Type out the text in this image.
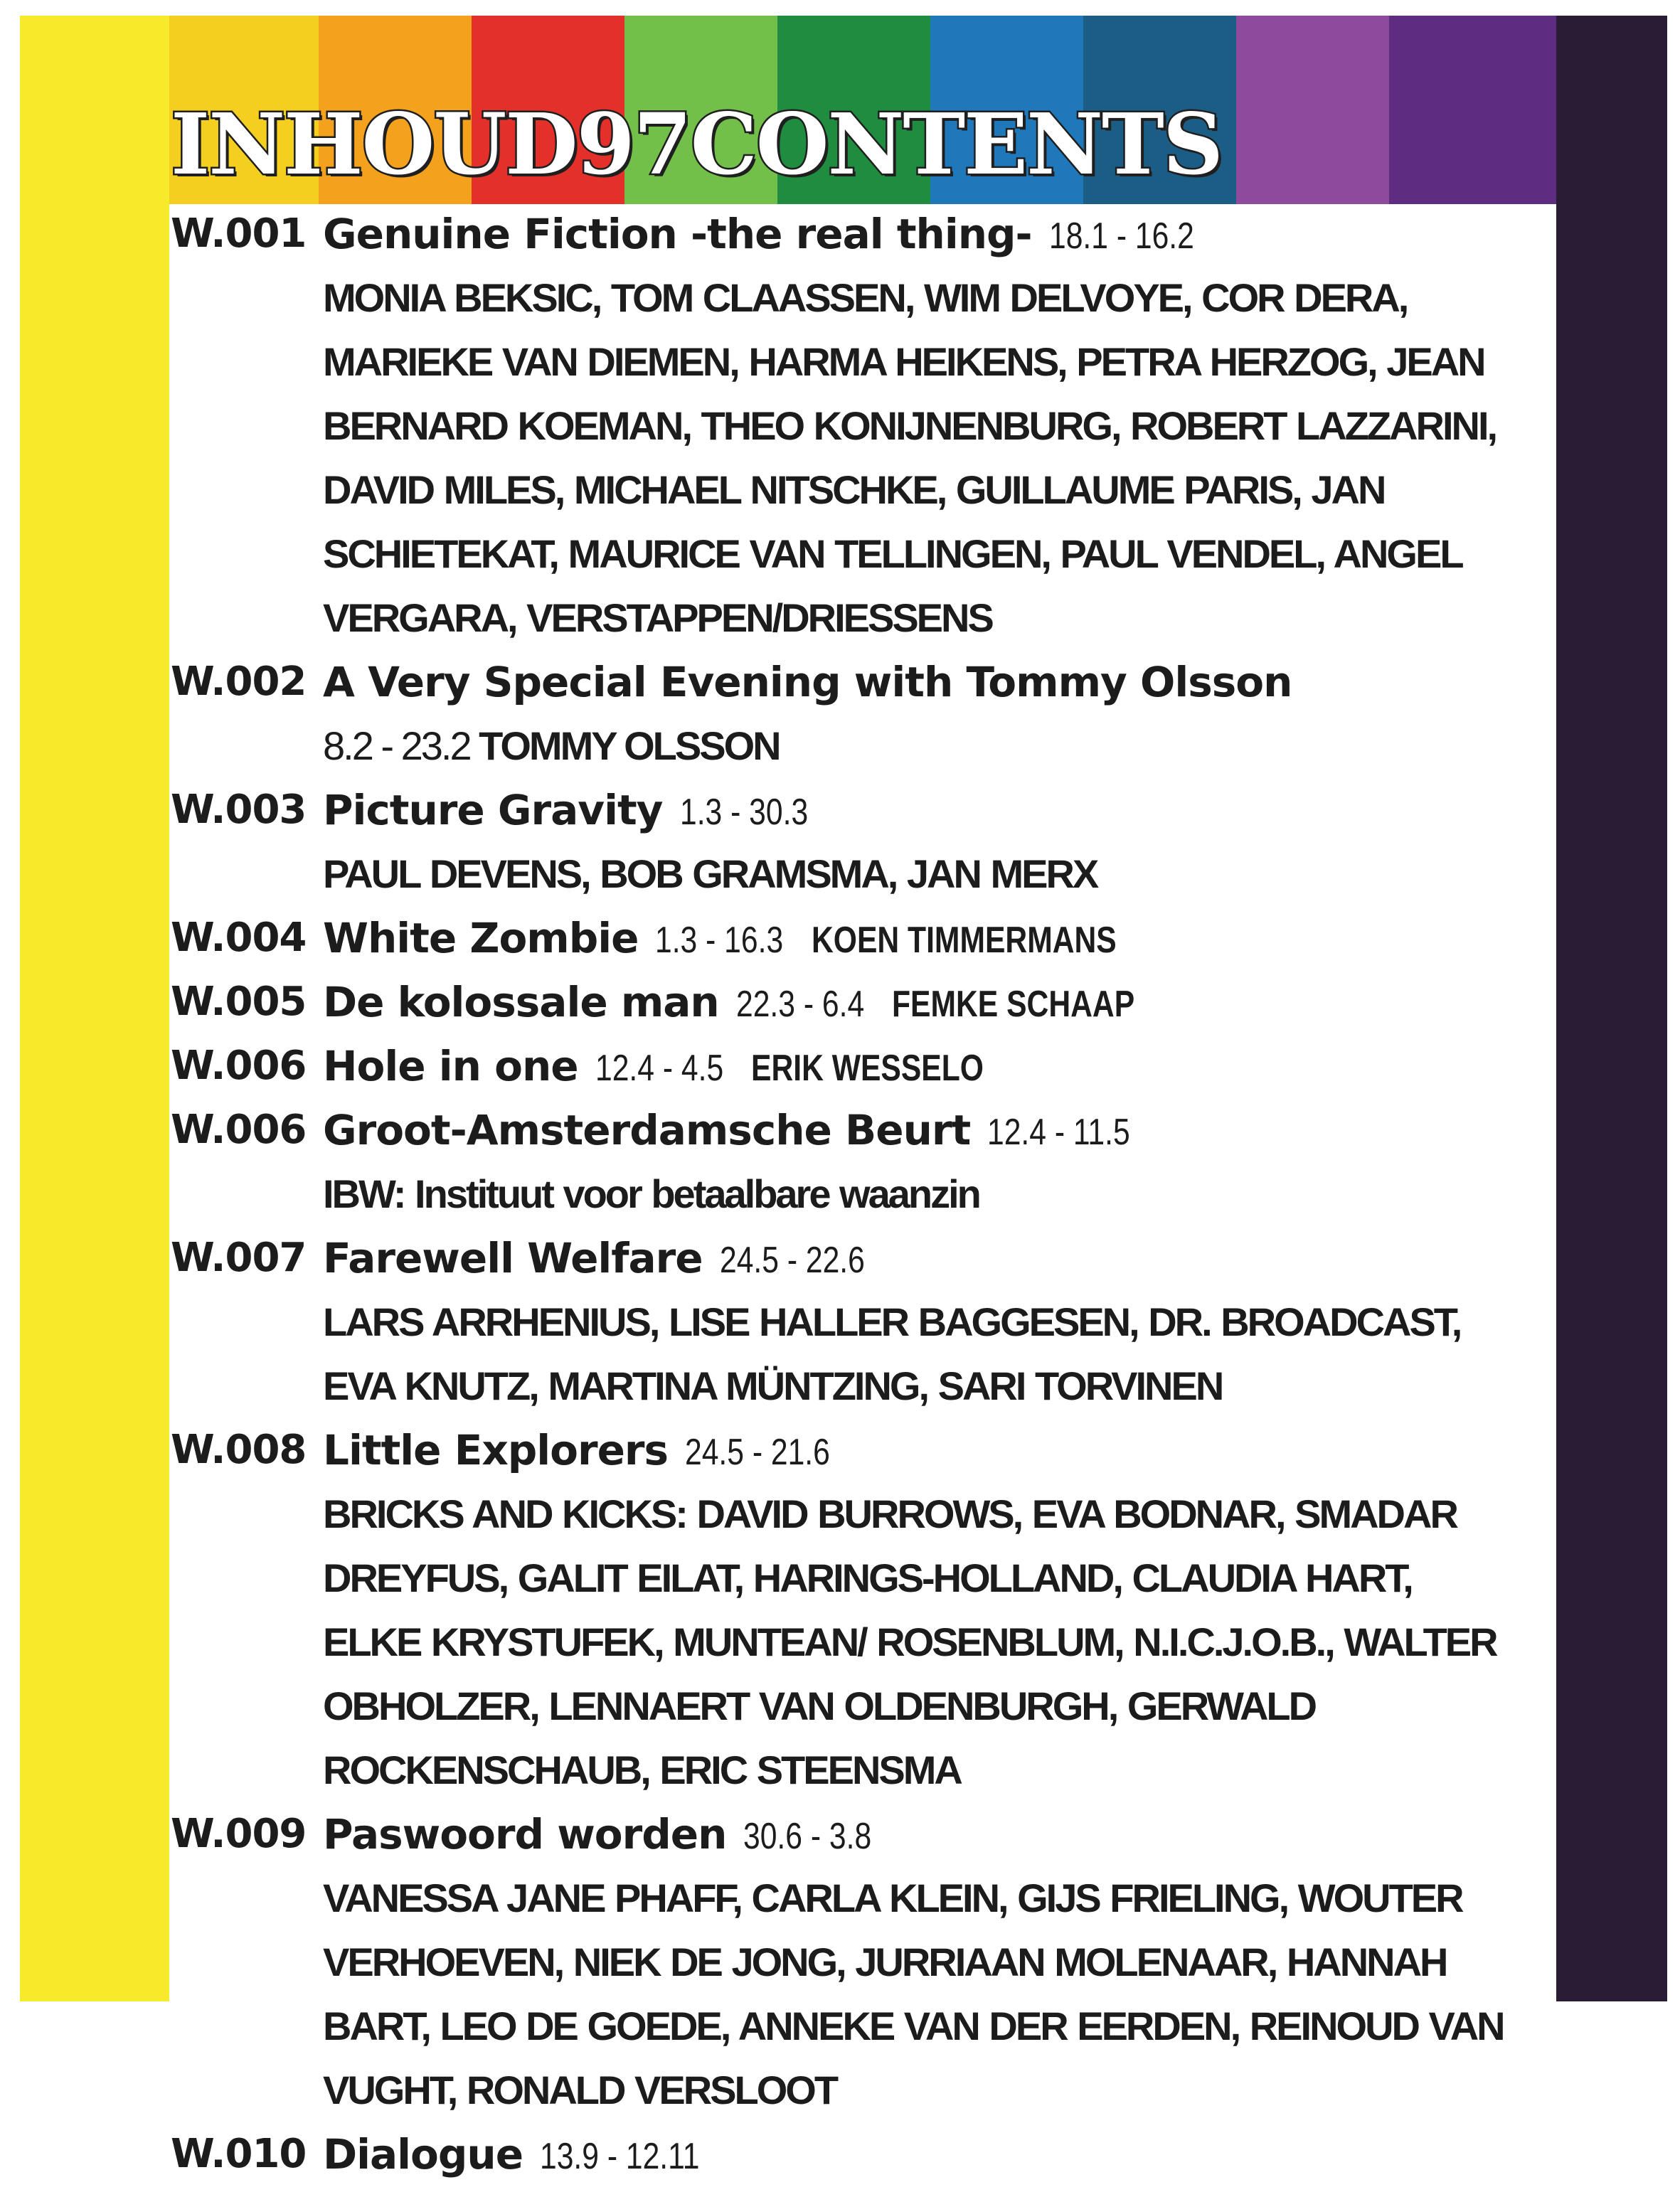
INHOUD97CONTENTS
W.001 Genuine Fiction -the real thing- 18.1 - 16.2
MONIA BEKSIC, TOM CLAASSEN, WIM DELVOYE, COR DERA, MARIEKE VAN DIEMEN, HARMA HEIKENS, PETRA HERZOG, JEAN BERNARD KOEMAN, THEO KONIJNENBURG, ROBERT LAZZARINI, DAVID MILES, MICHAEL NITSCHKE, GUILLAUME PARIS, JAN SCHIETEKAT, MAURICE VAN TELLINGEN, PAUL VENDEL, ANGEL VERGARA, VERSTAPPEN/DRIESSENS
W.002 A Very Special Evening with Tommy Olsson
8.2 - 23.2 TOMMY OLSSON
W.003 Picture Gravity 1.3 - 30.3
PAUL DEVENS, BOB GRAMSMA, JAN MERX
W.004 White Zombie 1.3 - 16.3 KOEN TIMMERMANS
W.005 De kolossale man 22.3 - 6.4 FEMKE SCHAAP
W.006 Hole in one 12.4 - 4.5 ERIK WESSELO
W.006 Groot-Amsterdamsche Beurt 12.4 - 11.5
IBW: Instituut voor betaalbare waanzin
W.007 Farewell Welfare 24.5 - 22.6
LARS ARRHENIUS, LISE HALLER BAGGESEN, DR. BROADCAST, EVA KNUTZ, MARTINA MÜNTZING, SARI TORVINEN
W.008 Little Explorers 24.5 - 21.6
BRICKS AND KICKS: DAVID BURROWS, EVA BODNAR, SMADAR DREYFUS, GALIT EILAT, HARINGS-HOLLAND, CLAUDIA HART, ELKE KRYSTUFEK, MUNTEAN/ ROSENBLUM, N.I.C.J.O.B., WALTER OBHOLZER, LENNAERT VAN OLDENBURGH, GERWALD ROCKENSCHAUB, ERIC STEENSMA
W.009 Paswoord worden 30.6 - 3.8
VANESSA JANE PHAFF, CARLA KLEIN, GIJS FRIELING, WOUTER VERHOEVEN, NIEK DE JONG, JURRIAAN MOLENAAR, HANNAH BART, LEO DE GOEDE, ANNEKE VAN DER EERDEN, REINOUD VAN VUGHT, RONALD VERSLOOT
W.010 Dialogue 13.9 - 12.11
